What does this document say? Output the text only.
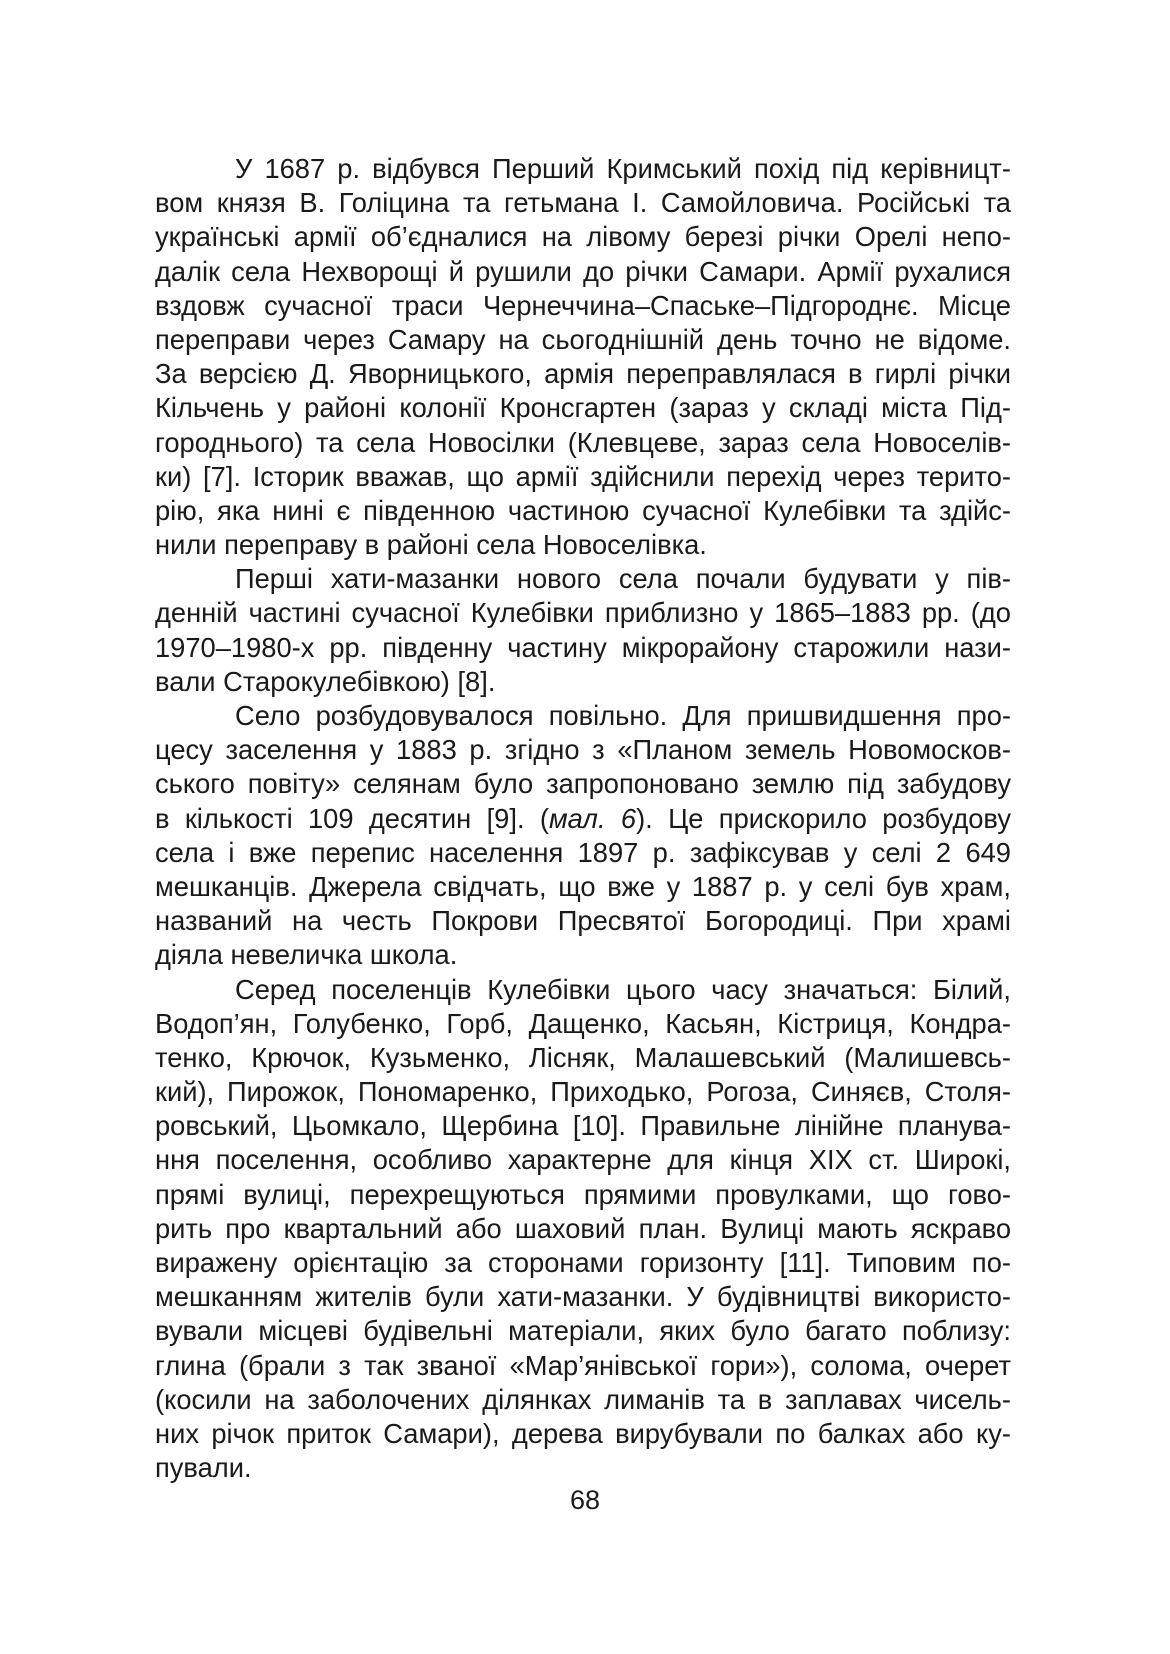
У 1687 р. відбувся Перший Кримський похід під керівницт-
вом князя В. Голіцина та гетьмана І. Самойловича. Російські та
українські армії об’єдналися на лівому березі річки Орелі непо-
далік села Нехворощі й рушили до річки Самари. Армії рухалися
вздовж сучасної траси Чернеччина–Спаське–Підгороднє. Місце
переправи через Самару на сьогоднішній день точно не відоме.
За версією Д. Яворницького, армія переправлялася в гирлі річки
Кільчень у районі колонії Кронсгартен (зараз у складі міста Під-
городнього) та села Новосілки (Клевцеве, зараз села Новоселів-
ки) [7]. Історик вважав, що армії здійснили перехід через терито-
рію, яка нині є південною частиною сучасної Кулебівки та здійс-
нили переправу в районі села Новоселівка.

Перші хати-мазанки нового села почали будувати у пів-
денній частині сучасної Кулебівки приблизно у 1865–1883 рр. (до
1970–1980-х рр. південну частину мікрорайону старожили нази-
вали Старокулебівкою) [8].

Село розбудовувалося повільно. Для пришвидшення про-
цесу заселення у 1883 р. згідно з «Планом земель Новомосков-
ського повіту» селянам було запропоновано землю під забудову
в кількості 109 десятин [9]. (мал. 6). Це прискорило розбудову
села і вже перепис населення 1897 р. зафіксував у селі 2 649
мешканців. Джерела свідчать, що вже у 1887 р. у селі був храм,
названий на честь Покрови Пресвятої Богородиці. При храмі
діяла невеличка школа.

Серед поселенців Кулебівки цього часу значаться: Білий,
Водоп’ян, Голубенко, Горб, Дащенко, Касьян, Кістриця, Кондра-
тенко, Крючок, Кузьменко, Лісняк, Малашевський (Малишевсь-
кий), Пирожок, Пономаренко, Приходько, Рогоза, Синяєв, Столя-
ровський, Цьомкало, Щербина [10]. Правильне лінійне планува-
ння поселення, особливо характерне для кінця XIX ст. Широкі,
прямі вулиці, перехрещуються прямими провулками, що гово-
рить про квартальний або шаховий план. Вулиці мають яскраво
виражену орієнтацію за сторонами горизонту [11]. Типовим по-
мешканням жителів були хати-мазанки. У будівництві використо-
вували місцеві будівельні матеріали, яких було багато поблизу:
глина (брали з так званої «Мар’янівської гори»), солома, очерет
(косили на заболочених ділянках лиманів та в заплавах чисель-
них річок приток Самари), дерева вирубували по балках або ку-
пували.

68
